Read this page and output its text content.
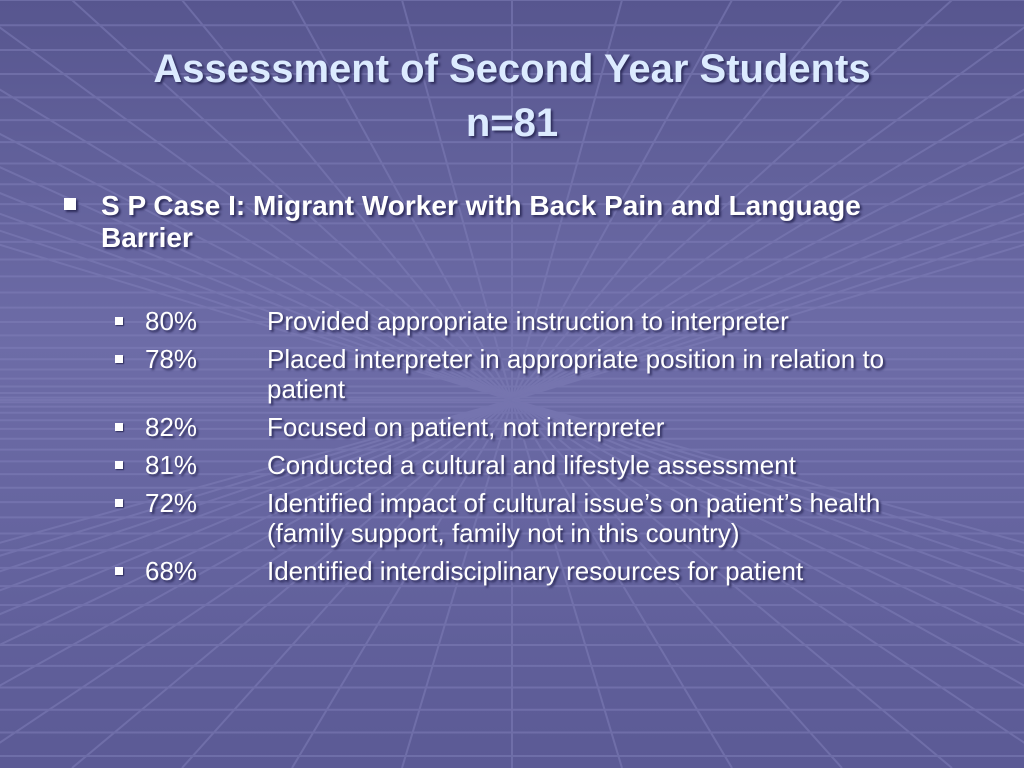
Assessment of Second Year Students
n=81
S P Case I: Migrant Worker with Back Pain and Language Barrier
80%	Provided appropriate instruction to interpreter
78%	Placed interpreter in appropriate position in relation to patient
82%	Focused on patient, not interpreter
81%	Conducted a cultural and lifestyle assessment
72%	Identified impact of cultural issue’s on patient’s health (family support, family not in this country)
68%	Identified interdisciplinary resources for patient
